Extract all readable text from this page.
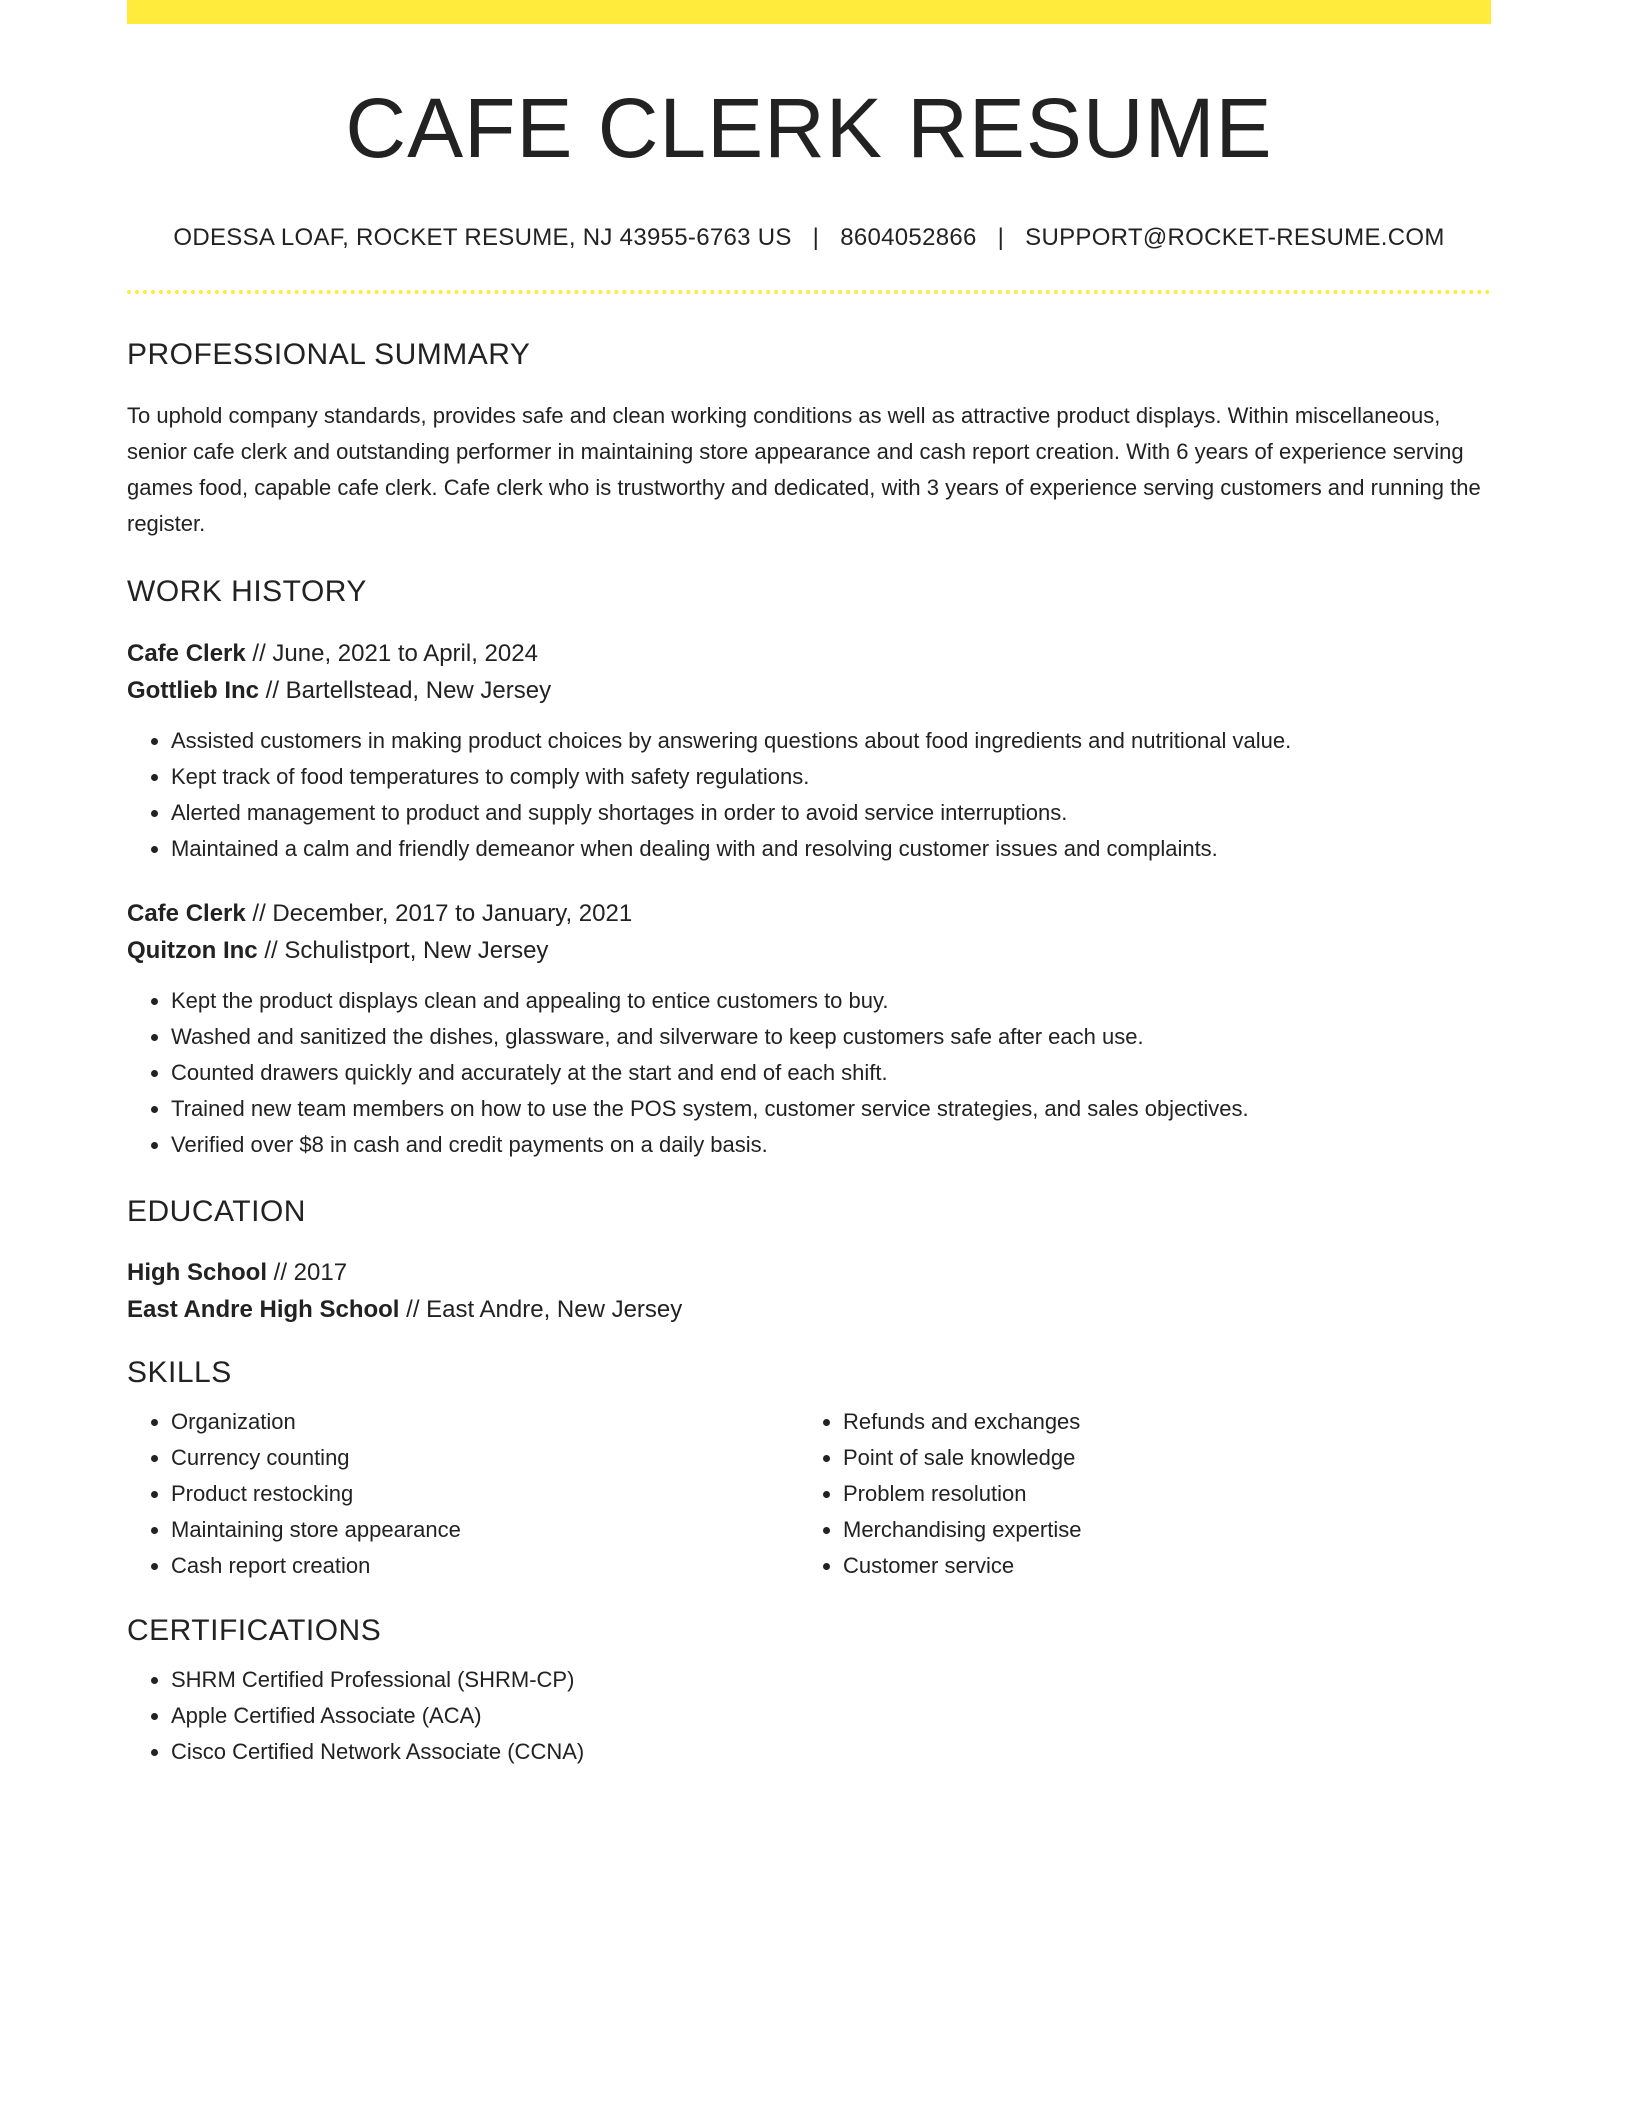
CAFE CLERK RESUME
ODESSA LOAF, ROCKET RESUME, NJ 43955-6763 US | 8604052866 | SUPPORT@ROCKET-RESUME.COM
PROFESSIONAL SUMMARY
To uphold company standards, provides safe and clean working conditions as well as attractive product displays. Within miscellaneous, senior cafe clerk and outstanding performer in maintaining store appearance and cash report creation. With 6 years of experience serving games food, capable cafe clerk. Cafe clerk who is trustworthy and dedicated, with 3 years of experience serving customers and running the register.
WORK HISTORY
Cafe Clerk // June, 2021 to April, 2024
Gottlieb Inc // Bartellstead, New Jersey
• Assisted customers in making product choices by answering questions about food ingredients and nutritional value.
• Kept track of food temperatures to comply with safety regulations.
• Alerted management to product and supply shortages in order to avoid service interruptions.
• Maintained a calm and friendly demeanor when dealing with and resolving customer issues and complaints.
Cafe Clerk // December, 2017 to January, 2021
Quitzon Inc // Schulistport, New Jersey
• Kept the product displays clean and appealing to entice customers to buy.
• Washed and sanitized the dishes, glassware, and silverware to keep customers safe after each use.
• Counted drawers quickly and accurately at the start and end of each shift.
• Trained new team members on how to use the POS system, customer service strategies, and sales objectives.
• Verified over $8 in cash and credit payments on a daily basis.
EDUCATION
High School // 2017
East Andre High School // East Andre, New Jersey
SKILLS
• Organization
• Currency counting
• Product restocking
• Maintaining store appearance
• Cash report creation
• Refunds and exchanges
• Point of sale knowledge
• Problem resolution
• Merchandising expertise
• Customer service
CERTIFICATIONS
• SHRM Certified Professional (SHRM-CP)
• Apple Certified Associate (ACA)
• Cisco Certified Network Associate (CCNA)
